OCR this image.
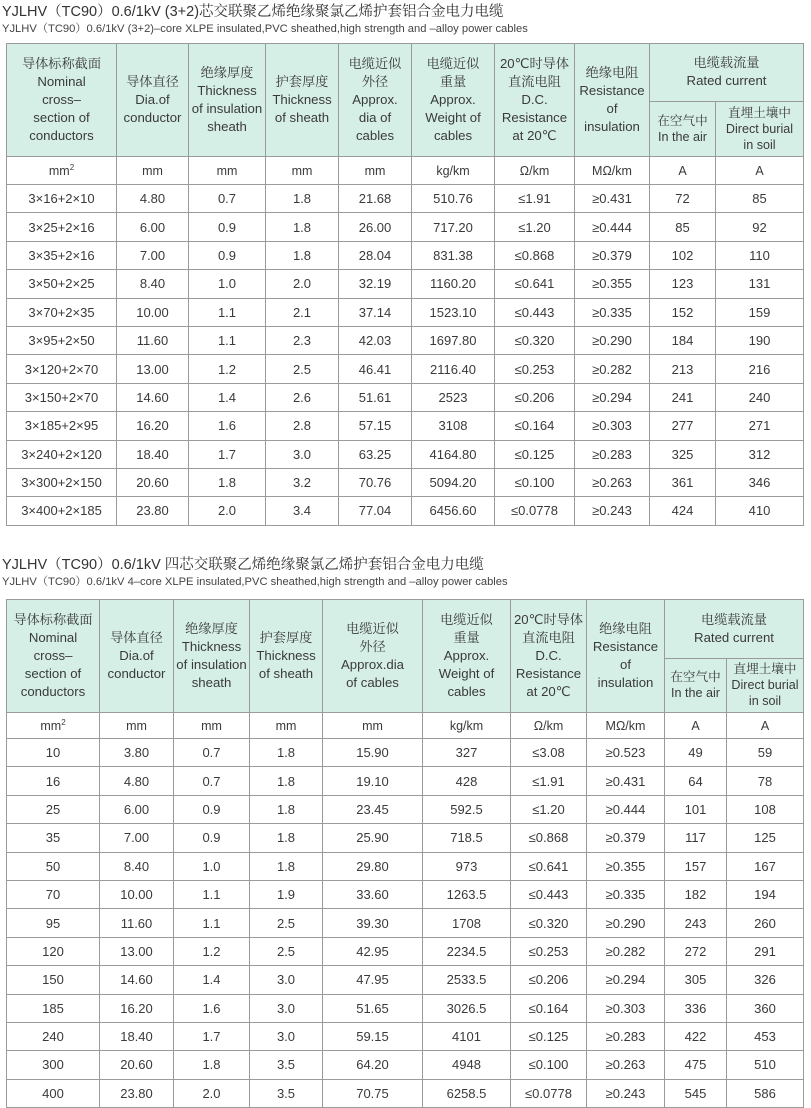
YJLHV（TC90）0.6/1kV (3+2)芯交联聚乙烯绝缘聚氯乙烯护套铝合金电力电缆
YJLHV（TC90）0.6/1kV (3+2)–core XLPE insulated,PVC sheathed,high strength and –alloy power cables
导体标称截面
Nominal
cross–
section of
conductors	导体直径
Dia.of
conductor	绝缘厚度
Thickness
of insulation
sheath	护套厚度
Thickness
of sheath	电缆近似
外径
Approx.
dia of
cables	电缆近似
重量
Approx.
Weight of
cables	20℃时导体
直流电阻
D.C.
Resistance
at 20℃	绝缘电阻
Resistance
of
insulation	电缆载流量
Rated current	

								在空气中
In the air	直埋土壤中
Direct burial
in soil

$mm^2$	mm	mm	mm	mm	kg/km	Ω/km	MΩ/km	A	A
3×16+2×10	4.80	0.7	1.8	21.68	510.76	≤1.91	≥0.431	72	85
3×25+2×16	6.00	0.9	1.8	26.00	717.20	≤1.20	≥0.444	85	92
3×35+2×16	7.00	0.9	1.8	28.04	831.38	≤0.868	≥0.379	102	110
3×50+2×25	8.40	1.0	2.0	32.19	1160.20	≤0.641	≥0.355	123	131
3×70+2×35	10.00	1.1	2.1	37.14	1523.10	≤0.443	≥0.335	152	159
3×95+2×50	11.60	1.1	2.3	42.03	1697.80	≤0.320	≥0.290	184	190
3×120+2×70	13.00	1.2	2.5	46.41	2116.40	≤0.253	≥0.282	213	216
3×150+2×70	14.60	1.4	2.6	51.61	2523	≤0.206	≥0.294	241	240
3×185+2×95	16.20	1.6	2.8	57.15	3108	≤0.164	≥0.303	277	271
3×240+2×120	18.40	1.7	3.0	63.25	4164.80	≤0.125	≥0.283	325	312
3×300+2×150	20.60	1.8	3.2	70.76	5094.20	≤0.100	≥0.263	361	346
3×400+2×185	23.80	2.0	3.4	77.04	6456.60	≤0.0778	≥0.243	424	410
YJLHV（TC90）0.6/1kV 四芯交联聚乙烯绝缘聚氯乙烯护套铝合金电力电缆
YJLHV（TC90）0.6/1kV 4–core XLPE insulated,PVC sheathed,high strength and –alloy power cables
导体标称截面
Nominal
cross–
section of
conductors	导体直径
Dia.of
conductor	绝缘厚度
Thickness
of insulation
sheath	护套厚度
Thickness
of sheath	电缆近似
外径
Approx.dia
of cables	电缆近似
重量
Approx.
Weight of
cables	20℃时导体
直流电阻
D.C.
Resistance
at 20℃	绝缘电阻
Resistance
of
insulation	电缆载流量
Rated current	

								在空气中
In the air	直埋土壤中
Direct burial
in soil

$mm^2$	mm	mm	mm	mm	kg/km	Ω/km	MΩ/km	A	A
10	3.80	0.7	1.8	15.90	327	≤3.08	≥0.523	49	59
16	4.80	0.7	1.8	19.10	428	≤1.91	≥0.431	64	78
25	6.00	0.9	1.8	23.45	592.5	≤1.20	≥0.444	101	108
35	7.00	0.9	1.8	25.90	718.5	≤0.868	≥0.379	117	125
50	8.40	1.0	1.8	29.80	973	≤0.641	≥0.355	157	167
70	10.00	1.1	1.9	33.60	1263.5	≤0.443	≥0.335	182	194
95	11.60	1.1	2.5	39.30	1708	≤0.320	≥0.290	243	260
120	13.00	1.2	2.5	42.95	2234.5	≤0.253	≥0.282	272	291
150	14.60	1.4	3.0	47.95	2533.5	≤0.206	≥0.294	305	326
185	16.20	1.6	3.0	51.65	3026.5	≤0.164	≥0.303	336	360
240	18.40	1.7	3.0	59.15	4101	≤0.125	≥0.283	422	453
300	20.60	1.8	3.5	64.20	4948	≤0.100	≥0.263	475	510
400	23.80	2.0	3.5	70.75	6258.5	≤0.0778	≥0.243	545	586
